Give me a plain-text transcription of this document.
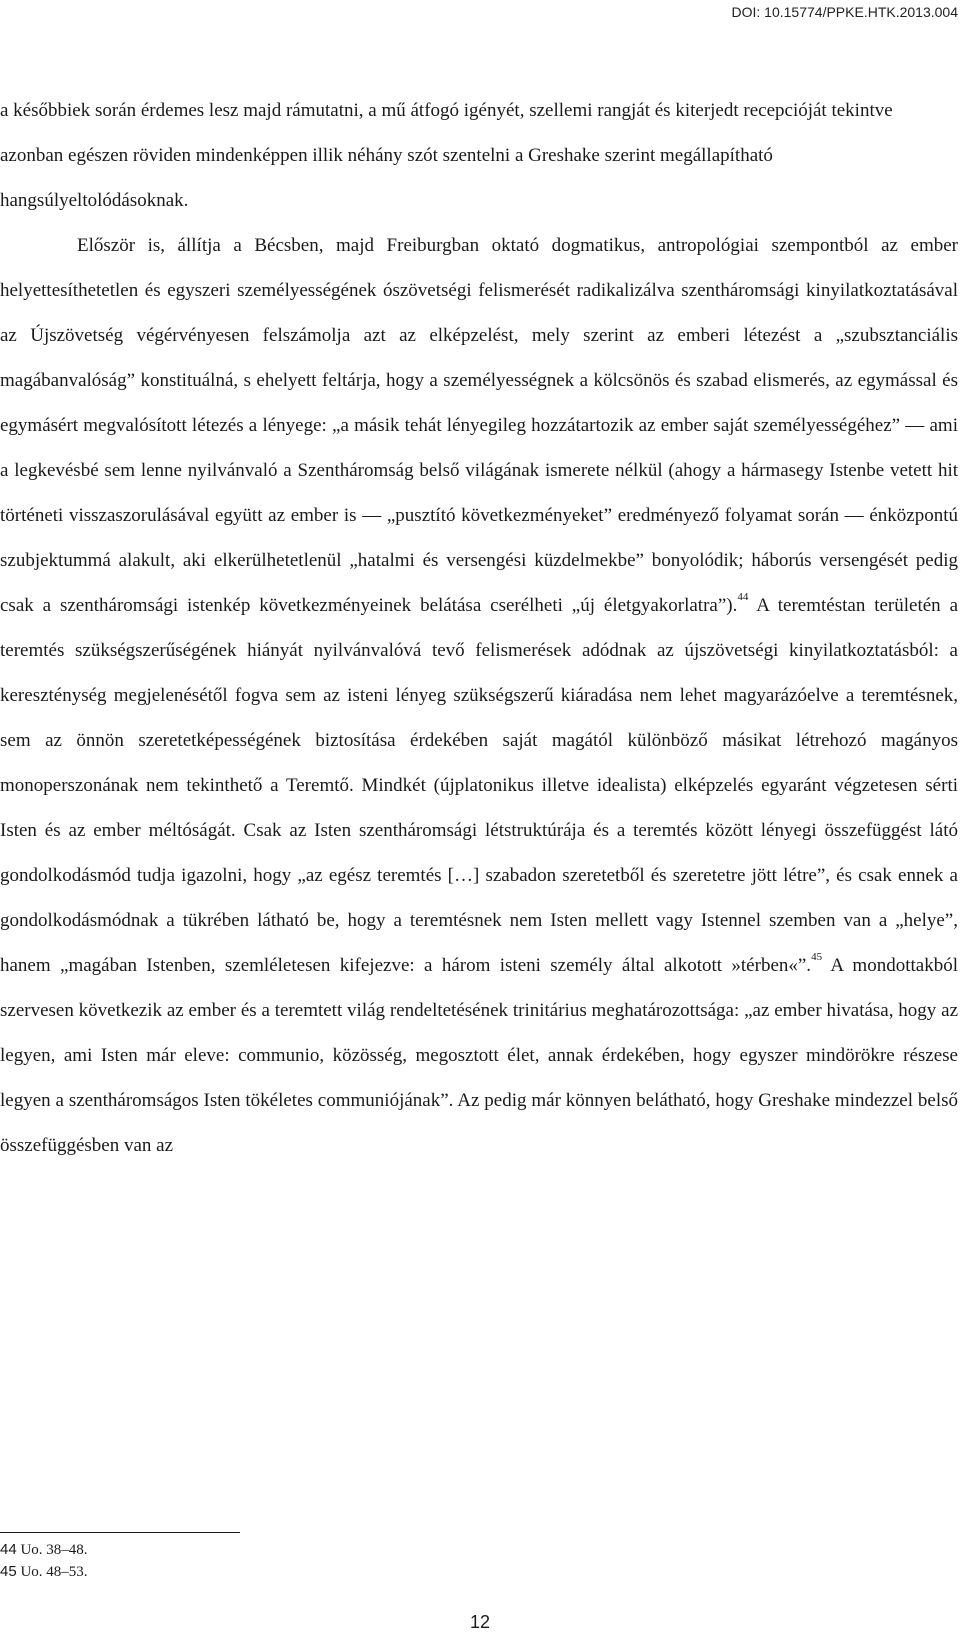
DOI: 10.15774/PPKE.HTK.2013.004

a későbbiek során érdemes lesz majd rámutatni, a mű átfogó igényét, szellemi rangját és kiterjedt recepcióját tekintve azonban egészen röviden mindenképpen illik néhány szót szentelni a Greshake szerint megállapítható hangsúlyeltolódásoknak.

Először is, állítja a Bécsben, majd Freiburgban oktató dogmatikus, antropológiai szempontból az ember helyettesíthetetlen és egyszeri személyességének ószövetségi felismerését radikalizálva szentháromsági kinyilatkoztatásával az Újszövetség végérvényesen felszámolja azt az elképzelést, mely szerint az emberi létezést a „szubsztanciális magábanvalóság” konstituálná, s ehelyett feltárja, hogy a személyességnek a kölcsönös és szabad elismerés, az egymással és egymásért megvalósított létezés a lényege: „a másik tehát lényegileg hozzátartozik az ember saját személyességéhez” — ami a legkevésbé sem lenne nyilvánvaló a Szentháromság belső világának ismerete nélkül (ahogy a hármasegy Istenbe vetett hit történeti visszaszorulásával együtt az ember is — „pusztító következményeket” eredményező folyamat során — énközpontú szubjektummá alakult, aki elkerülhetetlenül „hatalmi és versengési küzdelmekbe” bonyolódik; háborús versengését pedig csak a szentháromsági istenkép következményeinek belátása cserélheti „új életgyakorlatra”).$^{44}$ A teremtéstan területén a teremtés szükségszerűségének hiányát nyilvánvalóvá tevő felismerések adódnak az újszövetségi kinyilatkoztatásból: a kereszténység megjelenésétől fogva sem az isteni lényeg szükségszerű kiáradása nem lehet magyarázóelve a teremtésnek, sem az önnön szeretetképességének biztosítása érdekében saját magától különböző másikat létrehozó magányos monoperszonának nem tekinthető a Teremtő. Mindkét (újplatonikus illetve idealista) elképzelés egyaránt végzetesen sérti Isten és az ember méltóságát. Csak az Isten szentháromsági létstruktúrája és a teremtés között lényegi összefüggést látó gondolkodásmód tudja igazolni, hogy „az egész teremtés […] szabadon szeretetből és szeretetre jött létre”, és csak ennek a gondolkodásmódnak a tükrében látható be, hogy a teremtésnek nem Isten mellett vagy Istennel szemben van a „helye”, hanem „magában Istenben, szemléletesen kifejezve: a három isteni személy által alkotott »térben«”.$^{45}$ A mondottakból szervesen következik az ember és a teremtett világ rendeltetésének trinitárius meghatározottsága: „az ember hivatása, hogy az legyen, ami Isten már eleve: communio, közösség, megosztott élet, annak érdekében, hogy egyszer mindörökre részese legyen a szentháromságos Isten tökéletes communiójának”. Az pedig már könnyen belátható, hogy Greshake mindezzel belső összefüggésben van az

44 Uo. 38–48.
45 Uo. 48–53.
12
